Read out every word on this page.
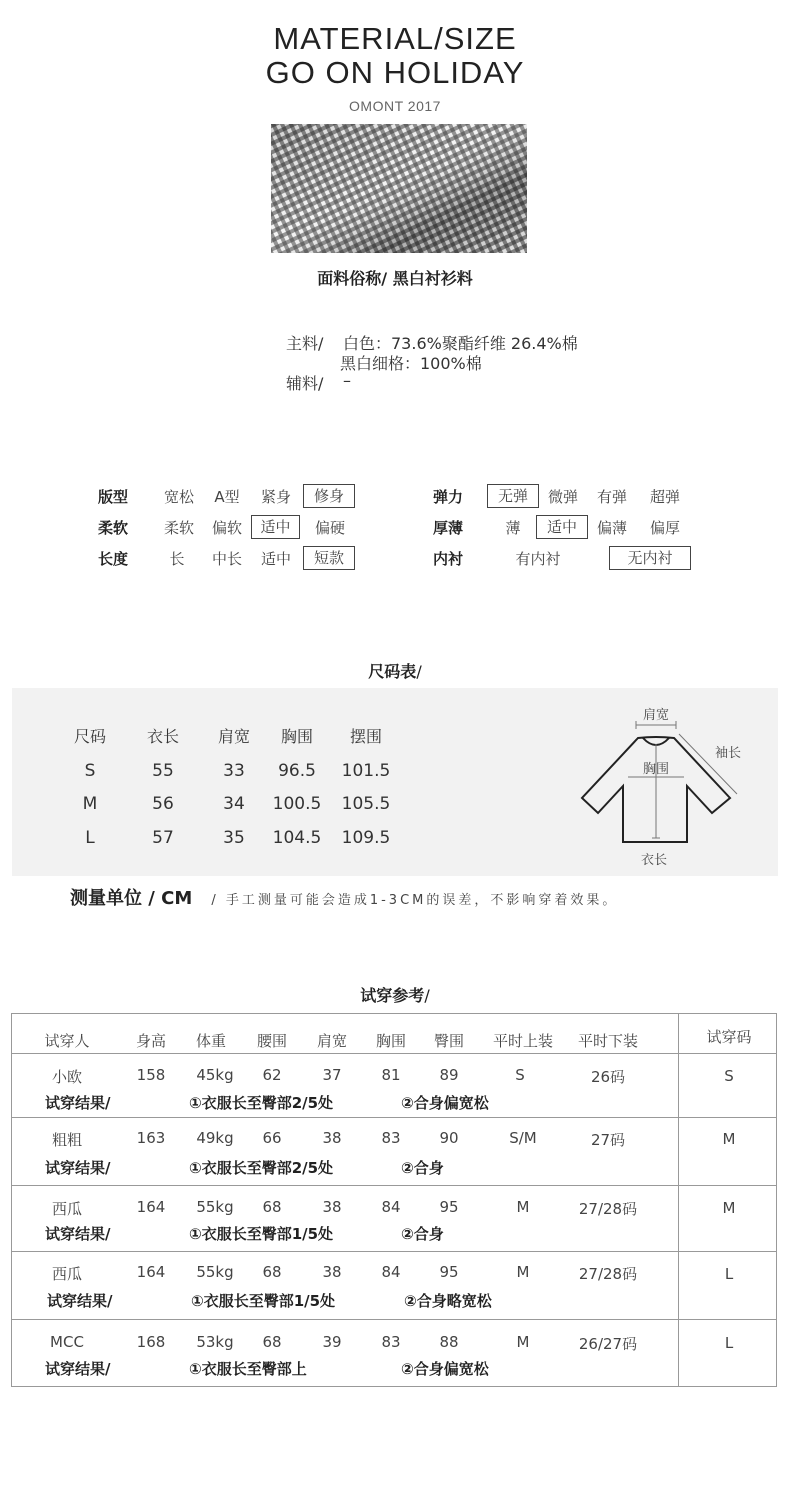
MATERIAL/SIZE
GO ON HOLIDAY
OMONT 2017
面料俗称/ 黑白衬衫料
主料/ 白色：73.6%聚酯纤维 26.4%棉
黑白细格：100%棉
辅料/ –
版型	宽松	A型	紧身	修身
柔软	柔软	偏软	适中	偏硬
长度	长	中长	适中	短款
弹力	无弹	微弹	有弹	超弹
厚薄	薄	适中	偏薄	偏厚
内衬	有内衬	无内衬
尺码表/
尺码	衣长	肩宽	胸围	摆围
S	55	33	96.5	101.5
M	56	34	100.5	105.5
L	57	35	104.5	109.5
肩宽
袖长
胸围
衣长
测量单位 / CM / 手工测量可能会造成1-3CM的误差，不影响穿着效果。
试穿参考/
试穿人	身高	体重	腰围	肩宽	胸围	臀围	平时上装	平时下装	试穿码
小欧	158	45kg	62	37	81	89	S	26码	S
试穿结果/	①衣服长至臀部2/5处	②合身偏宽松
粗粗	163	49kg	66	38	83	90	S/M	27码	M
试穿结果/	①衣服长至臀部2/5处	②合身
西瓜	164	55kg	68	38	84	95	M	27/28码	M
试穿结果/	①衣服长至臀部1/5处	②合身
西瓜	164	55kg	68	38	84	95	M	27/28码	L
试穿结果/	①衣服长至臀部1/5处	②合身略宽松
MCC	168	53kg	68	39	83	88	M	26/27码	L
试穿结果/	①衣服长至臀部上	②合身偏宽松
